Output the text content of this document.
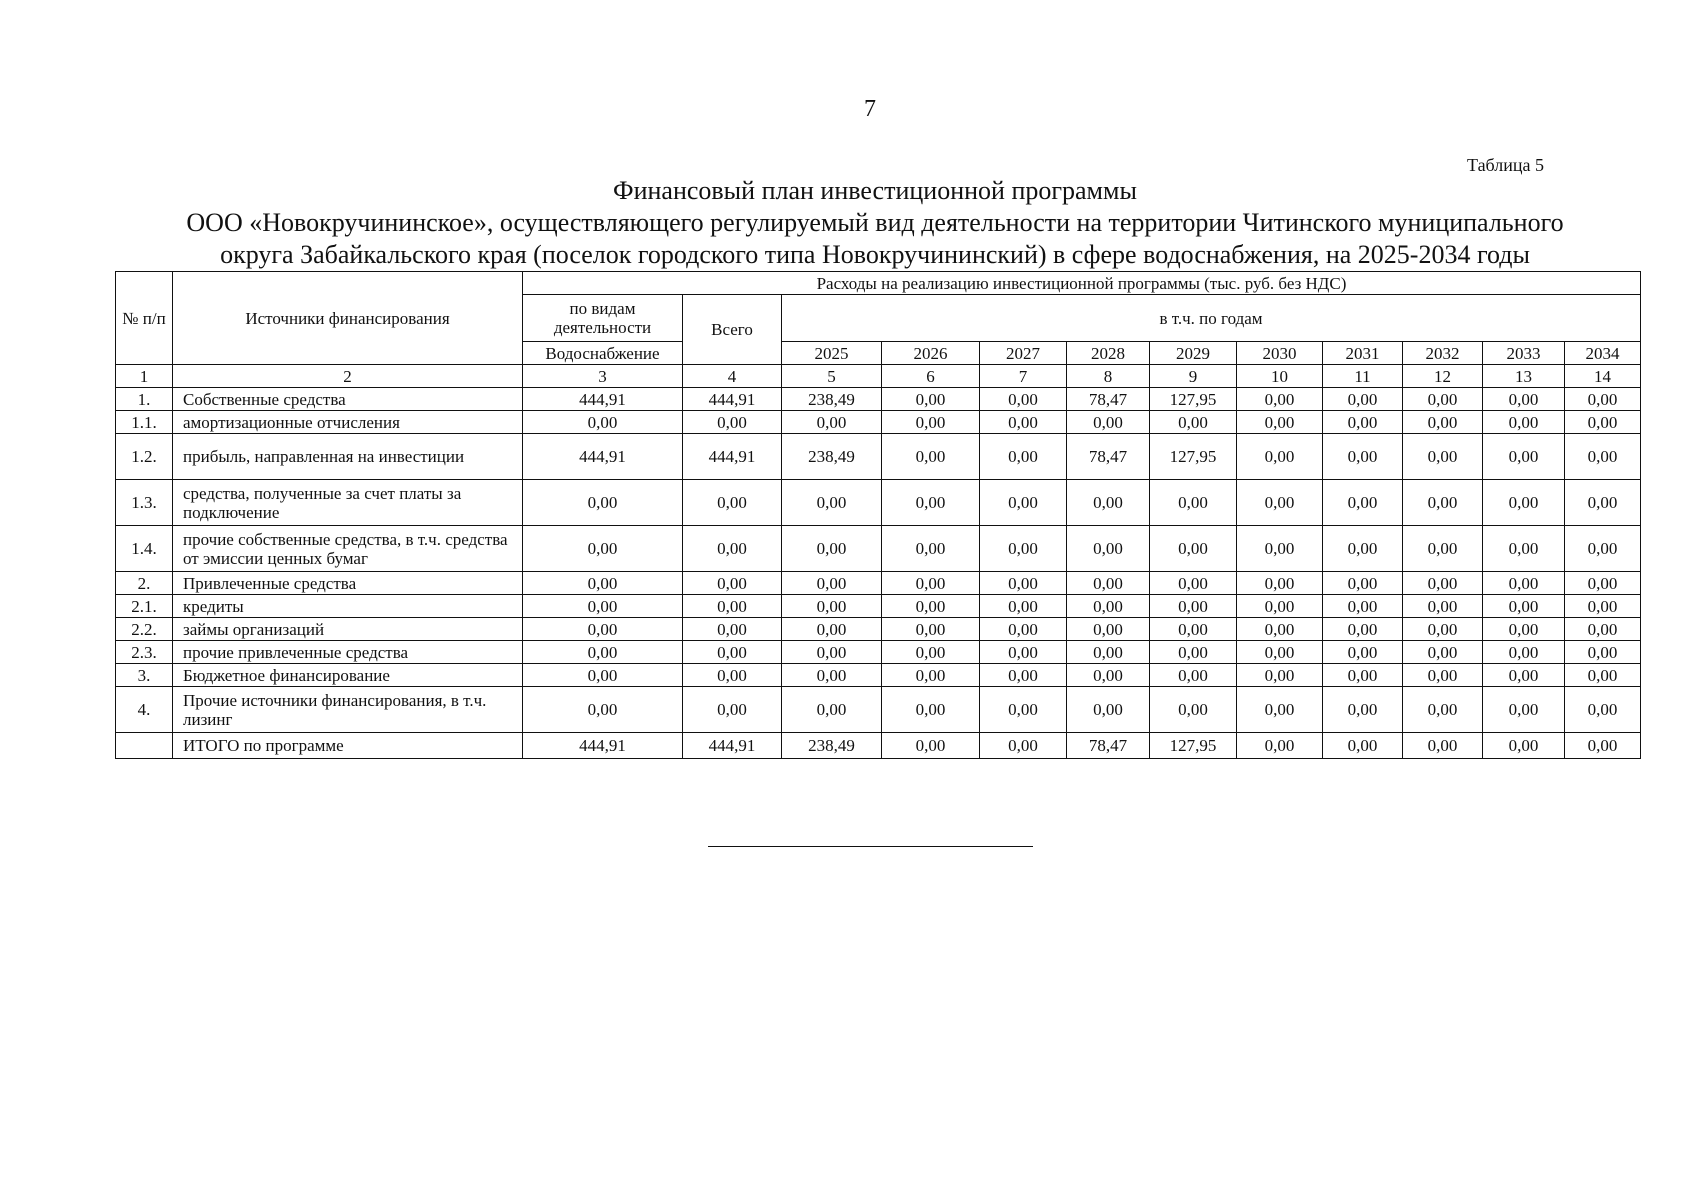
7
Таблица 5
Финансовый план инвестиционной программы
ООО «Новокручининское», осуществляющего регулируемый вид деятельности на территории Читинского муниципального
округа Забайкальского края (поселок городского типа Новокручининский) в сфере водоснабжения, на 2025-2034 годы
№ п/п	Источники финансирования	Расходы на реализацию инвестиционной программы (тыс. руб. без НДС)											
		по видам деятельности	Всего	в т.ч. по годам									
		Водоснабжение		2025	2026	2027	2028	2029	2030	2031	2032	2033	2034
1	2	3	4	5	6	7	8	9	10	11	12	13	14
1.	Собственные средства	444,91	444,91	238,49	0,00	0,00	78,47	127,95	0,00	0,00	0,00	0,00	0,00
1.1.	амортизационные отчисления	0,00	0,00	0,00	0,00	0,00	0,00	0,00	0,00	0,00	0,00	0,00	0,00
1.2.	прибыль, направленная на инвестиции	444,91	444,91	238,49	0,00	0,00	78,47	127,95	0,00	0,00	0,00	0,00	0,00
1.3.	средства, полученные за счет платы за подключение	0,00	0,00	0,00	0,00	0,00	0,00	0,00	0,00	0,00	0,00	0,00	0,00
1.4.	прочие собственные средства, в т.ч. средства от эмиссии ценных бумаг	0,00	0,00	0,00	0,00	0,00	0,00	0,00	0,00	0,00	0,00	0,00	0,00
2.	Привлеченные средства	0,00	0,00	0,00	0,00	0,00	0,00	0,00	0,00	0,00	0,00	0,00	0,00
2.1.	кредиты	0,00	0,00	0,00	0,00	0,00	0,00	0,00	0,00	0,00	0,00	0,00	0,00
2.2.	займы организаций	0,00	0,00	0,00	0,00	0,00	0,00	0,00	0,00	0,00	0,00	0,00	0,00
2.3.	прочие привлеченные средства	0,00	0,00	0,00	0,00	0,00	0,00	0,00	0,00	0,00	0,00	0,00	0,00
3.	Бюджетное финансирование	0,00	0,00	0,00	0,00	0,00	0,00	0,00	0,00	0,00	0,00	0,00	0,00
4.	Прочие источники финансирования, в т.ч. лизинг	0,00	0,00	0,00	0,00	0,00	0,00	0,00	0,00	0,00	0,00	0,00	0,00
	ИТОГО по программе	444,91	444,91	238,49	0,00	0,00	78,47	127,95	0,00	0,00	0,00	0,00	0,00
